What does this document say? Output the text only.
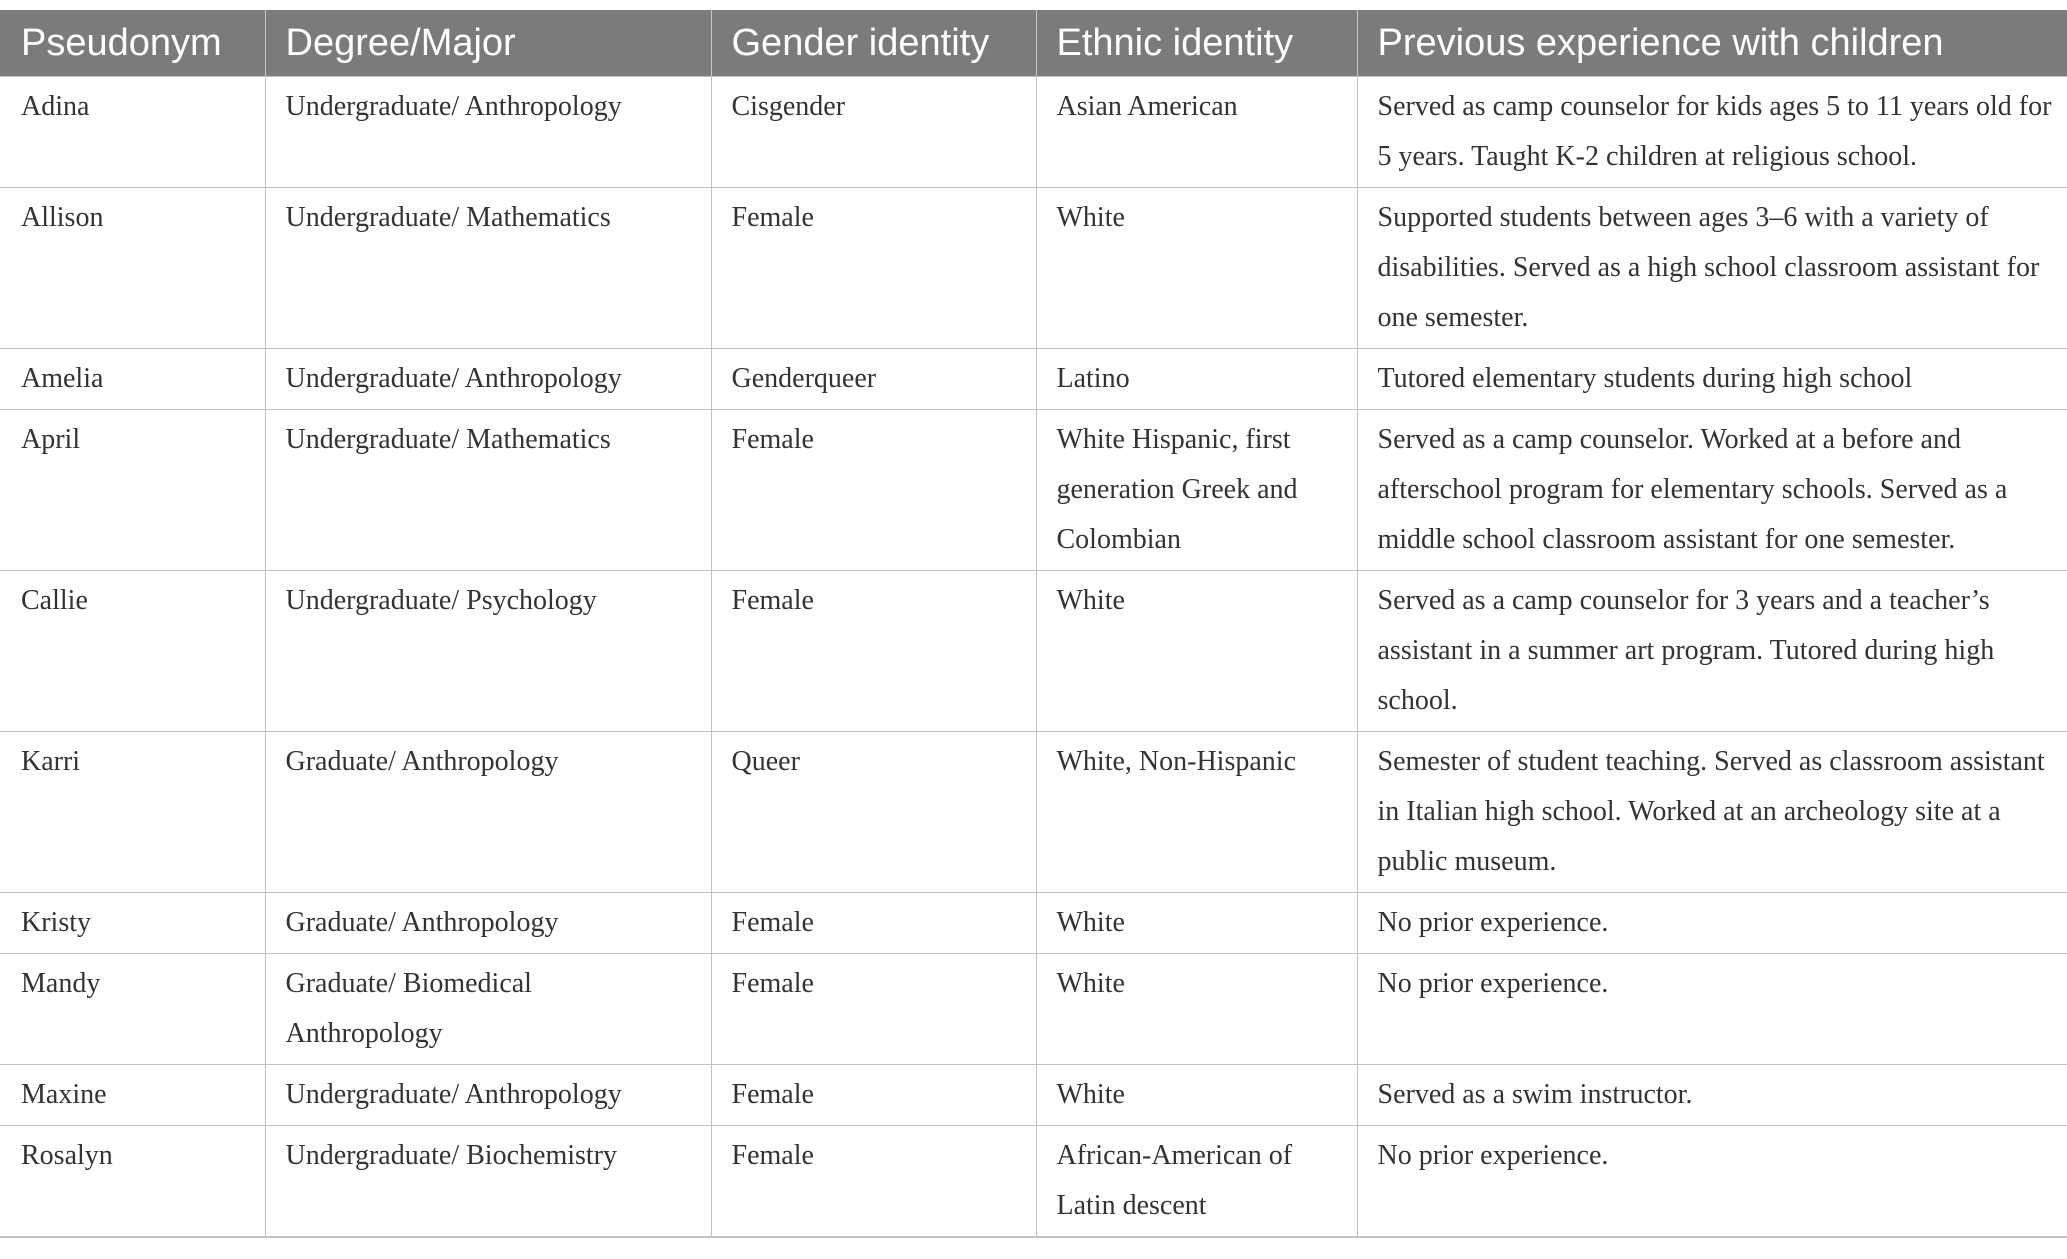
Pseudonym	Degree/Major	Gender identity	Ethnic identity	Previous experience with children
Adina	Undergraduate/ Anthropology	Cisgender	Asian American	Served as camp counselor for kids ages 5 to 11 years old for 5 years. Taught K-2 children at religious school.
Allison	Undergraduate/ Mathematics	Female	White	Supported students between ages 3–6 with a variety of disabilities. Served as a high school classroom assistant for one semester.
Amelia	Undergraduate/ Anthropology	Genderqueer	Latino	Tutored elementary students during high school
April	Undergraduate/ Mathematics	Female	White Hispanic, first generation Greek and Colombian	Served as a camp counselor. Worked at a before and afterschool program for elementary schools. Served as a middle school classroom assistant for one semester.
Callie	Undergraduate/ Psychology	Female	White	Served as a camp counselor for 3 years and a teacher’s assistant in a summer art program. Tutored during high school.
Karri	Graduate/ Anthropology	Queer	White, Non-Hispanic	Semester of student teaching. Served as classroom assistant in Italian high school. Worked at an archeology site at a public museum.
Kristy	Graduate/ Anthropology	Female	White	No prior experience.
Mandy	Graduate/ Biomedical Anthropology	Female	White	No prior experience.
Maxine	Undergraduate/ Anthropology	Female	White	Served as a swim instructor.
Rosalyn	Undergraduate/ Biochemistry	Female	African-American of Latin descent	No prior experience.
